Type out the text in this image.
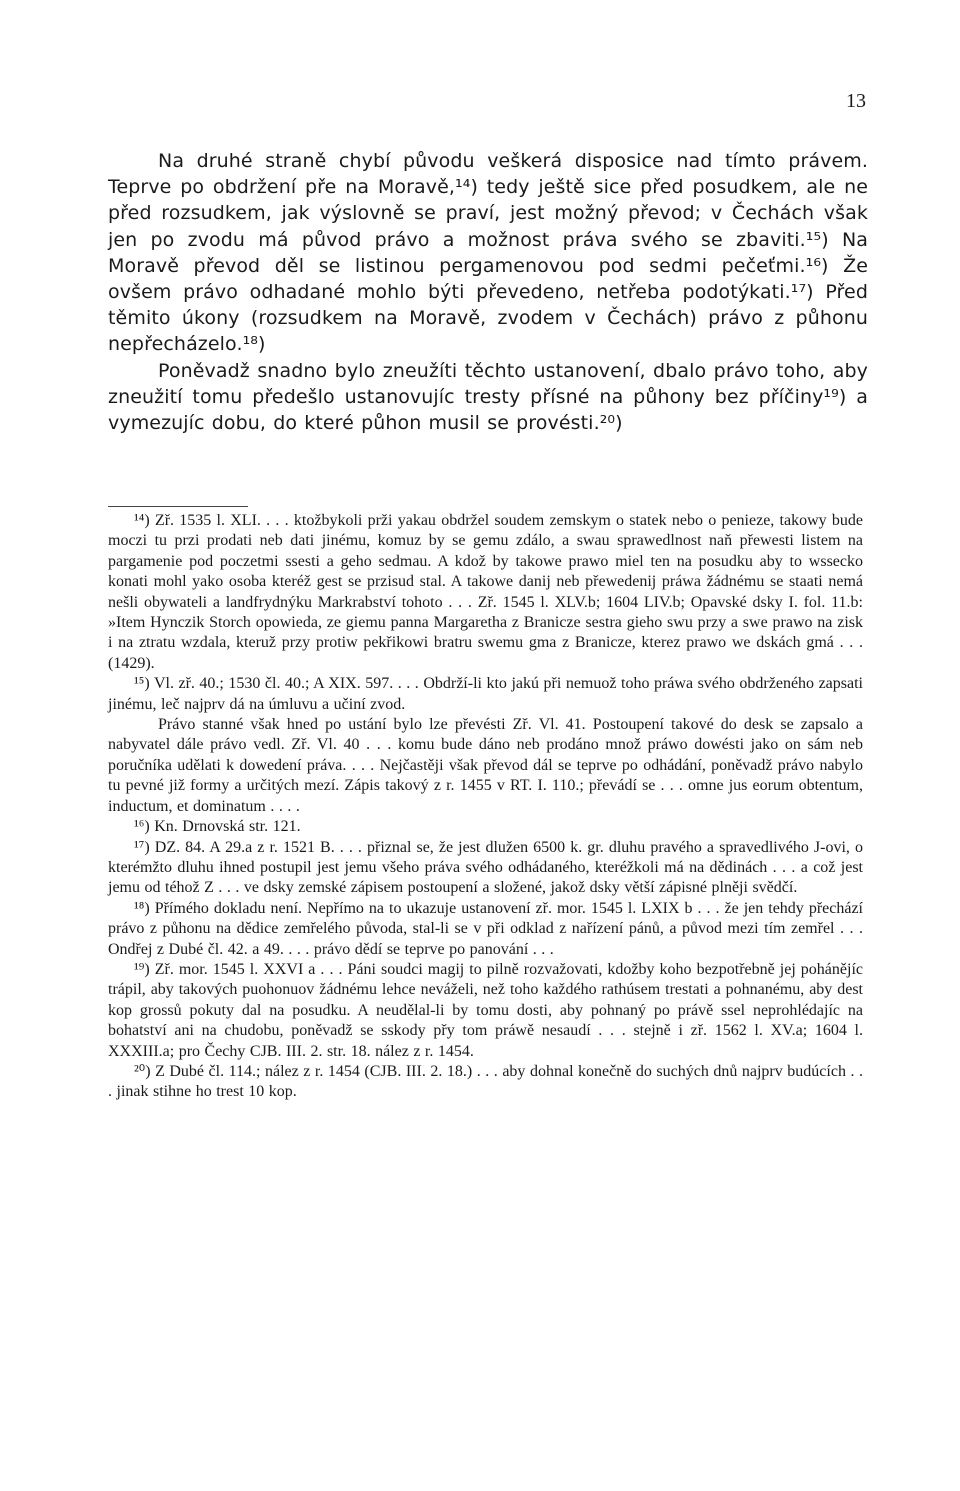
13

Na druhé straně chybí původu veškerá disposice nad tímto právem. Teprve po obdržení pře na Moravě,¹⁴) tedy ještě sice před posudkem, ale ne před rozsudkem, jak výslovně se praví, jest možný převod; v Čechách však jen po zvodu má původ právo a možnost práva svého se zbaviti.¹⁵) Na Moravě převod děl se listinou pergamenovou pod sedmi pečeťmi.¹⁶) Že ovšem právo odhadané mohlo býti převedeno, netřeba podotýkati.¹⁷) Před těmito úkony (rozsudkem na Moravě, zvodem v Čechách) právo z půhonu nepřecházelo.¹⁸)

Poněvadž snadno bylo zneužíti těchto ustanovení, dbalo právo toho, aby zneužití tomu předešlo ustanovujíc tresty přísné na půhony bez příčiny¹⁹) a vymezujíc dobu, do které půhon musil se provésti.²⁰)

¹⁴) Zř. 1535 l. XLI. . . . ktožbykoli prži yakau obdržel soudem zemskym o statek nebo o penieze, takowy bude moczi tu przi prodati neb dati jinému, komuz by se gemu zdálo, a swau sprawedlnost naň přewesti listem na pargamenie pod poczetmi ssesti a geho sedmau. A kdož by takowe prawo miel ten na posudku aby to wssecko konati mohl yako osoba kteréž gest se przisud stal. A takowe danij neb přewedenij práwa žádnému se staati nemá nešli obywateli a landfrydnýku Markrabství tohoto . . . Zř. 1545 l. XLV.b; 1604 LIV.b; Opavské dsky I. fol. 11.b: »Item Hynczik Storch opowieda, ze giemu panna Margaretha z Branicze sestra gieho swu przy a swe prawo na zisk i na ztratu wzdala, kteruž przy protiw pekřikowi bratru swemu gma z Branicze, kterez prawo we dskách gmá . . . (1429).

¹⁵) Vl. zř. 40.; 1530 čl. 40.; A XIX. 597. . . . Obdrží-li kto jakú při nemuož toho práwa svého obdrženého zapsati jinému, leč najprv dá na úmluvu a učiní zvod.

Právo stanné však hned po ustání bylo lze převésti Zř. Vl. 41. Postoupení takové do desk se zapsalo a nabyvatel dále právo vedl. Zř. Vl. 40 . . . komu bude dáno neb prodáno množ práwo dowésti jako on sám neb poručníka udělati k dowedení práva. . . . Nejčastěji však převod dál se teprve po odhádání, poněvadž právo nabylo tu pevné již formy a určitých mezí. Zápis takový z r. 1455 v RT. I. 110.; převádí se . . . omne jus eorum obtentum, inductum, et dominatum . . . .

¹⁶) Kn. Drnovská str. 121.

¹⁷) DZ. 84. A 29.a z r. 1521 B. . . . přiznal se, že jest dlužen 6500 k. gr. dluhu pravého a spravedlivého J-ovi, o kterémžto dluhu ihned postupil jest jemu všeho práva svého odhádaného, kteréžkoli má na dědinách . . . a což jest jemu od téhož Z . . . ve dsky zemské zápisem postoupení a složené, jakož dsky větší zápisné plněji svědčí.

¹⁸) Přímého dokladu není. Nepřímo na to ukazuje ustanovení zř. mor. 1545 l. LXIX b . . . že jen tehdy přechází právo z půhonu na dědice zemřelého původa, stal-li se v při odklad z nařízení pánů, a původ mezi tím zemřel . . . Ondřej z Dubé čl. 42. a 49. . . . právo dědí se teprve po panování . . .

¹⁹) Zř. mor. 1545 l. XXVI a . . . Páni soudci magij to pilně rozvažovati, kdožby koho bezpotřebně jej pohánějíc trápil, aby takových puohonuov žádnému lehce neváželi, než toho každého rathúsem trestati a pohnanému, aby dest kop grossů pokuty dal na posudku. A neudělal-li by tomu dosti, aby pohnaný po právě ssel neprohlédajíc na bohatství ani na chudobu, poněvadž se sskody přy tom práwě nesaudí . . . stejně i zř. 1562 l. XV.a; 1604 l. XXXIII.a; pro Čechy CJB. III. 2. str. 18. nález z r. 1454.

²⁰) Z Dubé čl. 114.; nález z r. 1454 (CJB. III. 2. 18.) . . . aby dohnal konečně do suchých dnů najprv budúcích . . . jinak stihne ho trest 10 kop.
